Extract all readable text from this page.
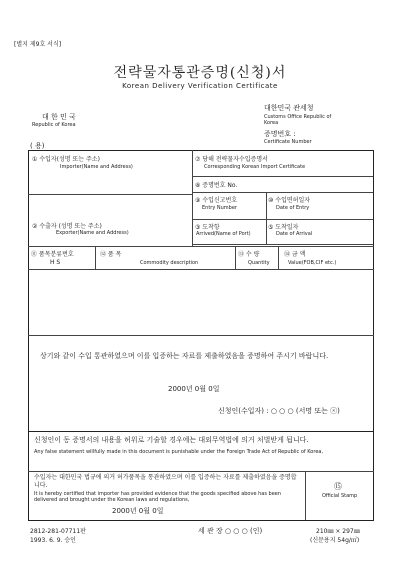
[별지 제9호 서식]
전략물자통관증명(신청)서
Korean Delivery Verification Certificate
대 한 민 국
Republic of Korea
대한민국 관세청
Customs Office Republic of Korea
증명번호 :
Certificate Number
( 용)
① 수입자(성명 또는 주소)
Importer(Name and Address)
② 수출자 (성명 또는 주소)
Exporter(Name and Address)
⑦ 당해 전략물자수입증명서
Corresponding Korean Import Certificate
⑧ 증명번호 No.
⑨ 수입신고번호
Entry Number
⑩ 수입면허일자
Date of Entry
③ 도착항
Arrived(Name of Port)
⑤ 도착일자
Date of Arrival
⑪ 품목분류번호
H S
⑫ 품 목
Commodity description
⑬ 수 량
Quantity
⑭ 금 액
Value(FOB,CIF etc.)
상기와 같이 수입 통관하였으며 이를 입증하는 자료를 제출하였음을 증명하여 주시기 바랍니다.
2000년 0월 0일
신청인(수입자) : ○ ○ ○ (서명 또는 ⓢ)
신청인이 동 증명서의 내용을 허위로 기술할 경우에는 대외무역법에 의거 처벌받게 됩니다.
Any false statement willfully made in this document is punishable under the Foreign Trade Act of Republic of Korea,
수입자는 대한민국 법규에 의거 허가품목을 통관하였으며 이를 입증하는 자료를 제출하였음을 증명합니다.
It is hereby certified that importer has provided evidence that the goods specified above has been delivered and brought under the Korean laws and regulations,
2000년 0월 0일
⑮
Official Stamp
세 관 장 ○ ○ ○ (인)
2812-281-07711판
1993. 6. 9. 승인
210㎜ × 297㎜
(신문용지 54g/㎡)
